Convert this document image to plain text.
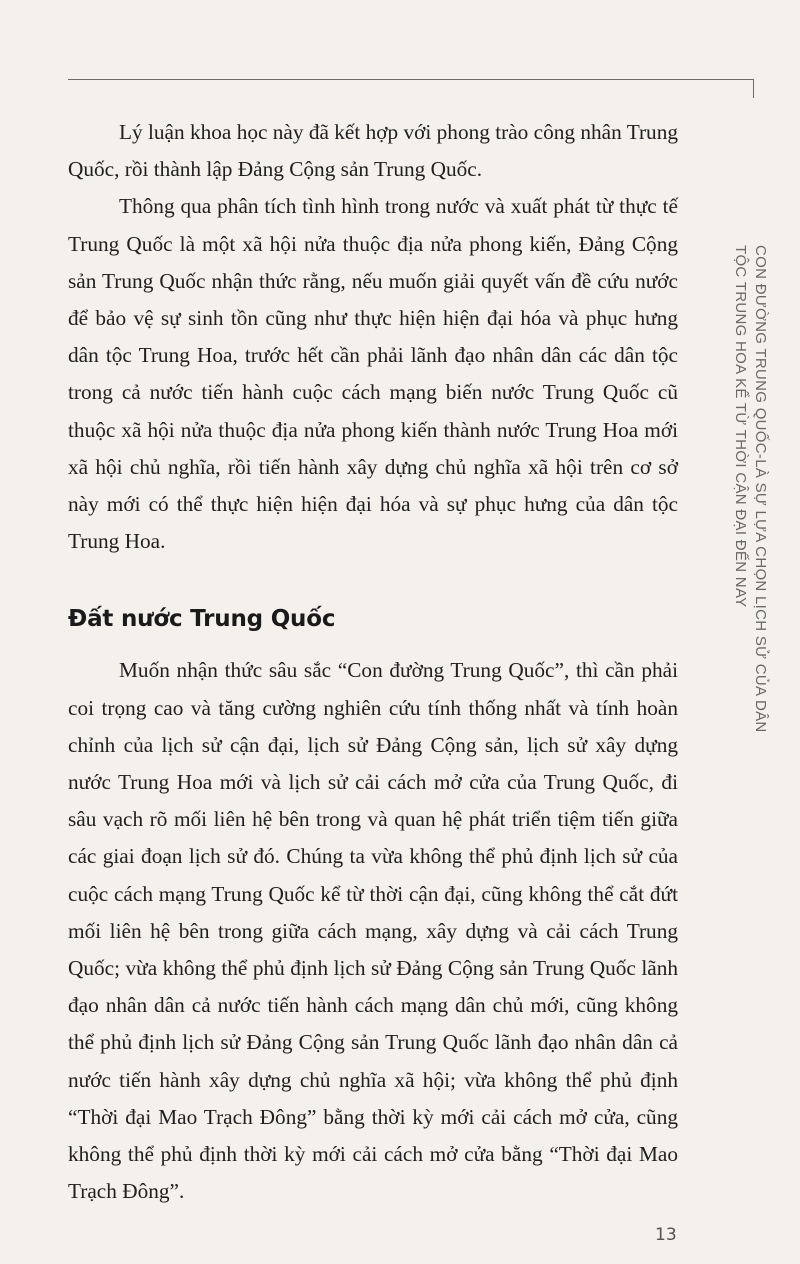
Lý luận khoa học này đã kết hợp với phong trào công nhân Trung Quốc, rồi thành lập Đảng Cộng sản Trung Quốc.

Thông qua phân tích tình hình trong nước và xuất phát từ thực tế Trung Quốc là một xã hội nửa thuộc địa nửa phong kiến, Đảng Cộng sản Trung Quốc nhận thức rằng, nếu muốn giải quyết vấn đề cứu nước để bảo vệ sự sinh tồn cũng như thực hiện hiện đại hóa và phục hưng dân tộc Trung Hoa, trước hết cần phải lãnh đạo nhân dân các dân tộc trong cả nước tiến hành cuộc cách mạng biến nước Trung Quốc cũ thuộc xã hội nửa thuộc địa nửa phong kiến thành nước Trung Hoa mới xã hội chủ nghĩa, rồi tiến hành xây dựng chủ nghĩa xã hội trên cơ sở này mới có thể thực hiện hiện đại hóa và sự phục hưng của dân tộc Trung Hoa.

Đất nước Trung Quốc

Muốn nhận thức sâu sắc “Con đường Trung Quốc”, thì cần phải coi trọng cao và tăng cường nghiên cứu tính thống nhất và tính hoàn chỉnh của lịch sử cận đại, lịch sử Đảng Cộng sản, lịch sử xây dựng nước Trung Hoa mới và lịch sử cải cách mở cửa của Trung Quốc, đi sâu vạch rõ mối liên hệ bên trong và quan hệ phát triển tiệm tiến giữa các giai đoạn lịch sử đó. Chúng ta vừa không thể phủ định lịch sử của cuộc cách mạng Trung Quốc kể từ thời cận đại, cũng không thể cắt đứt mối liên hệ bên trong giữa cách mạng, xây dựng và cải cách Trung Quốc; vừa không thể phủ định lịch sử Đảng Cộng sản Trung Quốc lãnh đạo nhân dân cả nước tiến hành cách mạng dân chủ mới, cũng không thể phủ định lịch sử Đảng Cộng sản Trung Quốc lãnh đạo nhân dân cả nước tiến hành xây dựng chủ nghĩa xã hội; vừa không thể phủ định “Thời đại Mao Trạch Đông” bằng thời kỳ mới cải cách mở cửa, cũng không thể phủ định thời kỳ mới cải cách mở cửa bằng “Thời đại Mao Trạch Đông”.

CON ĐƯỜNG TRUNG QUỐC-LÀ SỰ LỰA CHỌN LỊCH SỬ CỦA DÂN
TỘC TRUNG HOA KỂ TỪ THỜI CẬN ĐẠI ĐẾN NAY
13
